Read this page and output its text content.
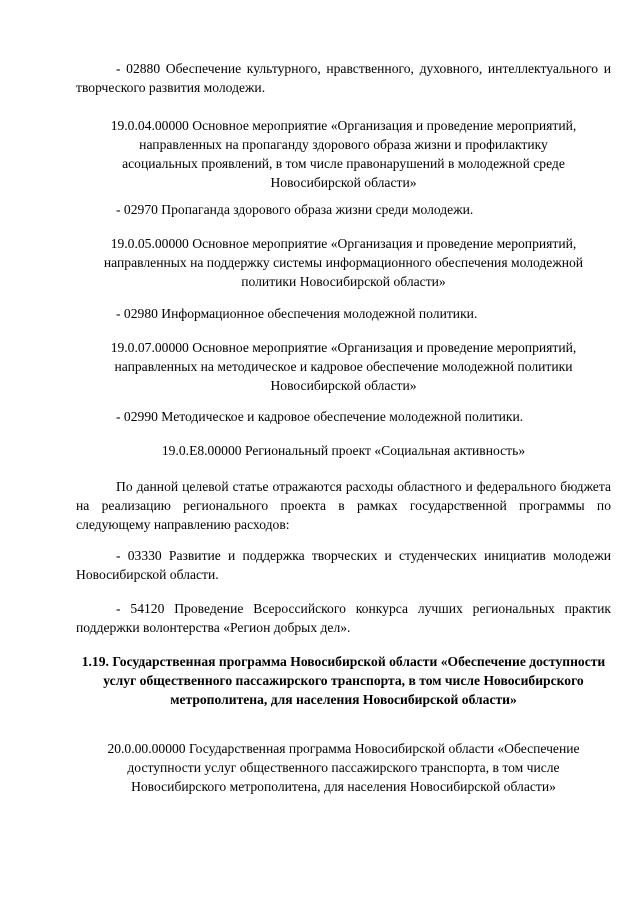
- 02880 Обеспечение культурного, нравственного, духовного, интеллектуального и творческого развития молодежи.

19.0.04.00000 Основное мероприятие «Организация и проведение мероприятий, направленных на пропаганду здорового образа жизни и профилактику асоциальных проявлений, в том числе правонарушений в молодежной среде Новосибирской области»

- 02970 Пропаганда здорового образа жизни среди молодежи.

19.0.05.00000 Основное мероприятие «Организация и проведение мероприятий, направленных на поддержку системы информационного обеспечения молодежной политики Новосибирской области»

- 02980 Информационное обеспечения молодежной политики.

19.0.07.00000 Основное мероприятие «Организация и проведение мероприятий, направленных на методическое и кадровое обеспечение молодежной политики Новосибирской области»

- 02990 Методическое и кадровое обеспечение молодежной политики.

19.0.E8.00000 Региональный проект «Социальная активность»

По данной целевой статье отражаются расходы областного и федерального бюджета на реализацию регионального проекта в рамках государственной программы по следующему направлению расходов:

- 03330 Развитие и поддержка творческих и студенческих инициатив молодежи Новосибирской области.

- 54120 Проведение Всероссийского конкурса лучших региональных практик поддержки волонтерства «Регион добрых дел».

1.19. Государственная программа Новосибирской области «Обеспечение доступности услуг общественного пассажирского транспорта, в том числе Новосибирского метрополитена, для населения Новосибирской области»

20.0.00.00000 Государственная программа Новосибирской области «Обеспечение доступности услуг общественного пассажирского транспорта, в том числе Новосибирского метрополитена, для населения Новосибирской области»
